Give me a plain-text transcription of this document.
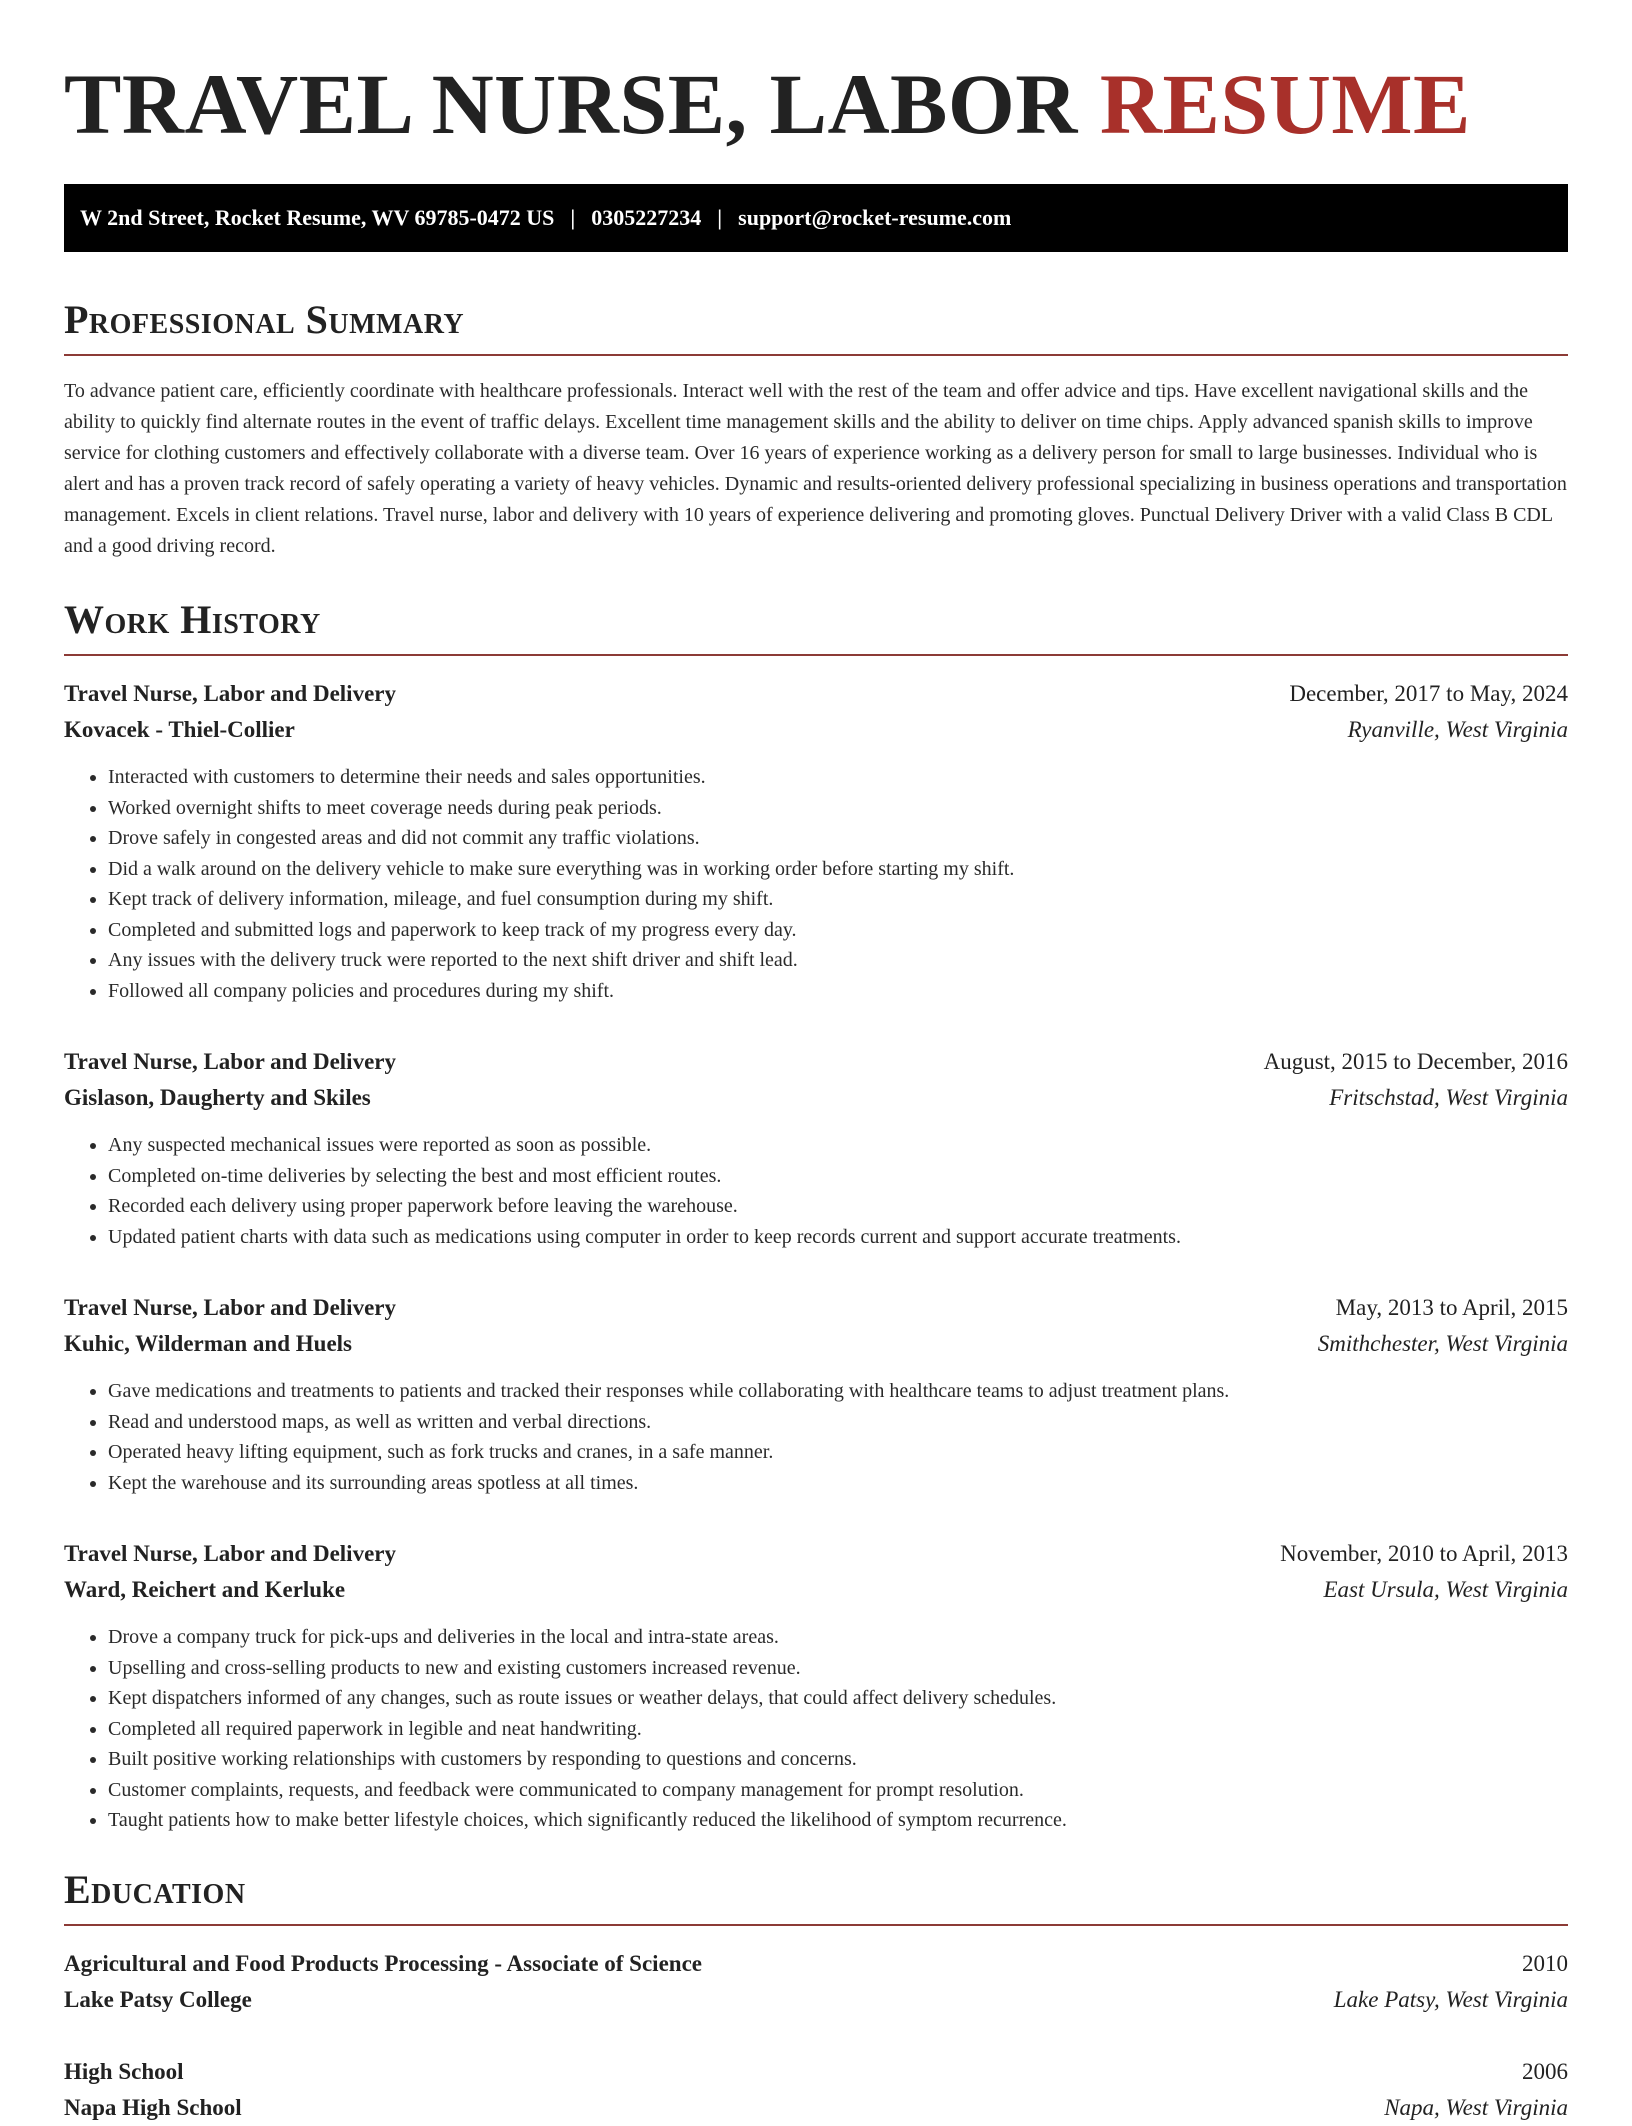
TRAVEL NURSE, LABOR RESUME
W 2nd Street, Rocket Resume, WV 69785-0472 US | 0305227234 | support@rocket-resume.com
Professional Summary

To advance patient care, efficiently coordinate with healthcare professionals. Interact well with the rest of the team and offer advice and tips. Have excellent navigational skills and the ability to quickly find alternate routes in the event of traffic delays. Excellent time management skills and the ability to deliver on time chips. Apply advanced spanish skills to improve service for clothing customers and effectively collaborate with a diverse team. Over 16 years of experience working as a delivery person for small to large businesses. Individual who is alert and has a proven track record of safely operating a variety of heavy vehicles. Dynamic and results-oriented delivery professional specializing in business operations and transportation management. Excels in client relations. Travel nurse, labor and delivery with 10 years of experience delivering and promoting gloves. Punctual Delivery Driver with a valid Class B CDL and a good driving record.

Work History
Travel Nurse, Labor and Delivery	December, 2017 to May, 2024
Kovacek - Thiel-Collier	Ryanville, West Virginia
• Interacted with customers to determine their needs and sales opportunities.
• Worked overnight shifts to meet coverage needs during peak periods.
• Drove safely in congested areas and did not commit any traffic violations.
• Did a walk around on the delivery vehicle to make sure everything was in working order before starting my shift.
• Kept track of delivery information, mileage, and fuel consumption during my shift.
• Completed and submitted logs and paperwork to keep track of my progress every day.
• Any issues with the delivery truck were reported to the next shift driver and shift lead.
• Followed all company policies and procedures during my shift.
Travel Nurse, Labor and Delivery	August, 2015 to December, 2016
Gislason, Daugherty and Skiles	Fritschstad, West Virginia
• Any suspected mechanical issues were reported as soon as possible.
• Completed on-time deliveries by selecting the best and most efficient routes.
• Recorded each delivery using proper paperwork before leaving the warehouse.
• Updated patient charts with data such as medications using computer in order to keep records current and support accurate treatments.
Travel Nurse, Labor and Delivery	May, 2013 to April, 2015
Kuhic, Wilderman and Huels	Smithchester, West Virginia
• Gave medications and treatments to patients and tracked their responses while collaborating with healthcare teams to adjust treatment plans.
• Read and understood maps, as well as written and verbal directions.
• Operated heavy lifting equipment, such as fork trucks and cranes, in a safe manner.
• Kept the warehouse and its surrounding areas spotless at all times.
Travel Nurse, Labor and Delivery	November, 2010 to April, 2013
Ward, Reichert and Kerluke	East Ursula, West Virginia
• Drove a company truck for pick-ups and deliveries in the local and intra-state areas.
• Upselling and cross-selling products to new and existing customers increased revenue.
• Kept dispatchers informed of any changes, such as route issues or weather delays, that could affect delivery schedules.
• Completed all required paperwork in legible and neat handwriting.
• Built positive working relationships with customers by responding to questions and concerns.
• Customer complaints, requests, and feedback were communicated to company management for prompt resolution.
• Taught patients how to make better lifestyle choices, which significantly reduced the likelihood of symptom recurrence.
Education
Agricultural and Food Products Processing - Associate of Science	2010
Lake Patsy College	Lake Patsy, West Virginia
High School	2006
Napa High School	Napa, West Virginia
